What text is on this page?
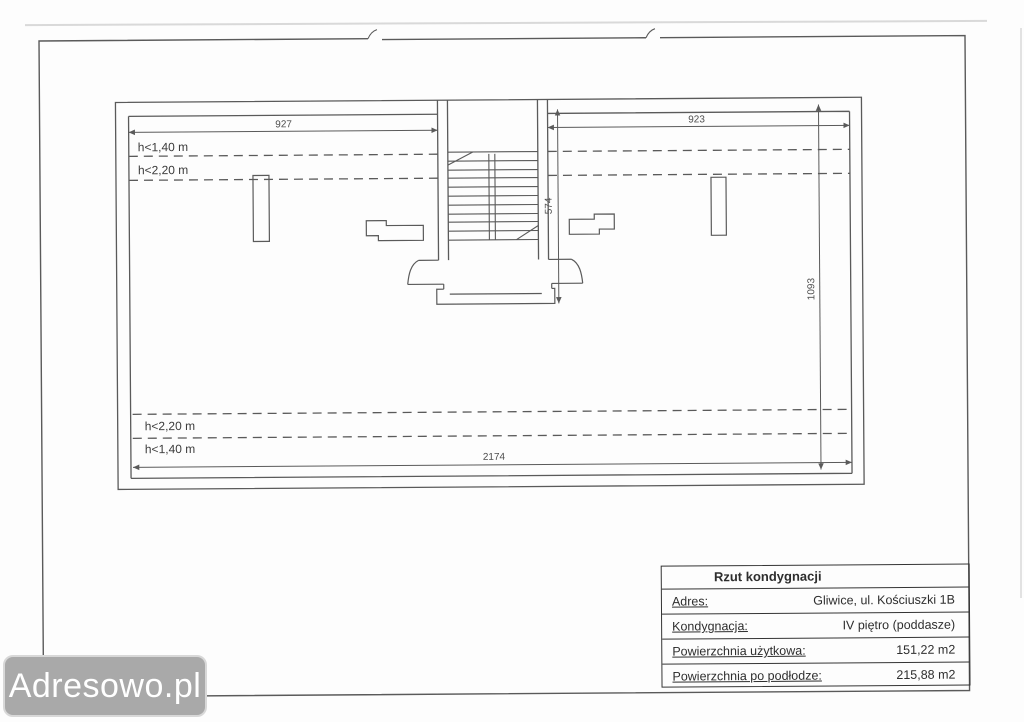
927	923
574
1093
2174
h<1,40 m
h<2,20 m
h<2,20 m
h<1,40 m
Rzut kondygnacji
Adres:	Gliwice, ul. Kościuszki 1B
Kondygnacja:	IV piętro (poddasze)
Powierzchnia użytkowa:	151,22 m2
Powierzchnia po podłodze:	215,88 m2
Adresowo.pl
